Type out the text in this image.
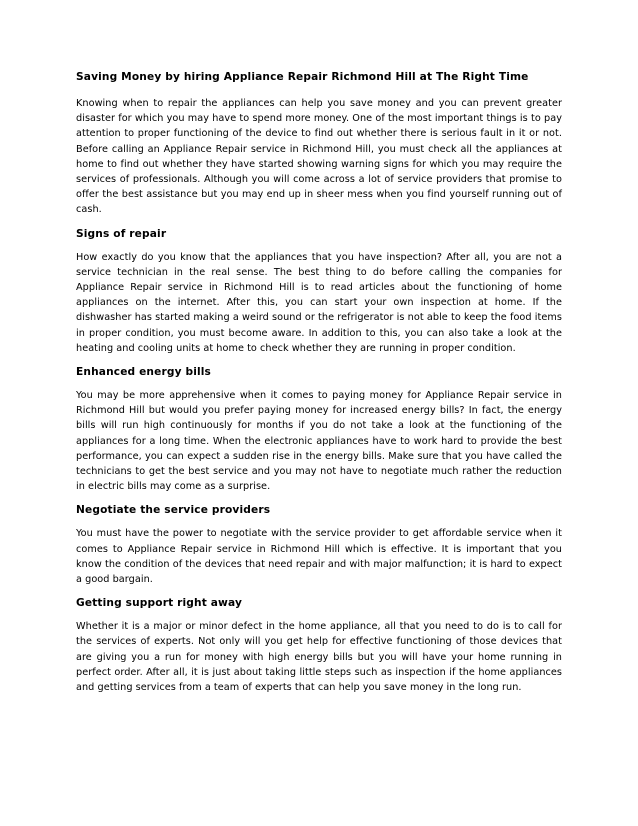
Saving Money by hiring Appliance Repair Richmond Hill at The Right Time
Knowing when to repair the appliances can help you save money and you can prevent greater disaster for which you may have to spend more money. One of the most important things is to pay attention to proper functioning of the device to find out whether there is serious fault in it or not. Before calling an Appliance Repair service in Richmond Hill, you must check all the appliances at home to find out whether they have started showing warning signs for which you may require the services of professionals. Although you will come across a lot of service providers that promise to offer the best assistance but you may end up in sheer mess when you find yourself running out of cash.
Signs of repair
How exactly do you know that the appliances that you have inspection? After all, you are not a service technician in the real sense. The best thing to do before calling the companies for Appliance Repair service in Richmond Hill is to read articles about the functioning of home appliances on the internet. After this, you can start your own inspection at home. If the dishwasher has started making a weird sound or the refrigerator is not able to keep the food items in proper condition, you must become aware. In addition to this, you can also take a look at the heating and cooling units at home to check whether they are running in proper condition.
Enhanced energy bills
You may be more apprehensive when it comes to paying money for Appliance Repair service in Richmond Hill but would you prefer paying money for increased energy bills? In fact, the energy bills will run high continuously for months if you do not take a look at the functioning of the appliances for a long time. When the electronic appliances have to work hard to provide the best performance, you can expect a sudden rise in the energy bills. Make sure that you have called the technicians to get the best service and you may not have to negotiate much rather the reduction in electric bills may come as a surprise.
Negotiate the service providers
You must have the power to negotiate with the service provider to get affordable service when it comes to Appliance Repair service in Richmond Hill which is effective. It is important that you know the condition of the devices that need repair and with major malfunction; it is hard to expect a good bargain.
Getting support right away
Whether it is a major or minor defect in the home appliance, all that you need to do is to call for the services of experts. Not only will you get help for effective functioning of those devices that are giving you a run for money with high energy bills but you will have your home running in perfect order. After all, it is just about taking little steps such as inspection if the home appliances and getting services from a team of experts that can help you save money in the long run.
